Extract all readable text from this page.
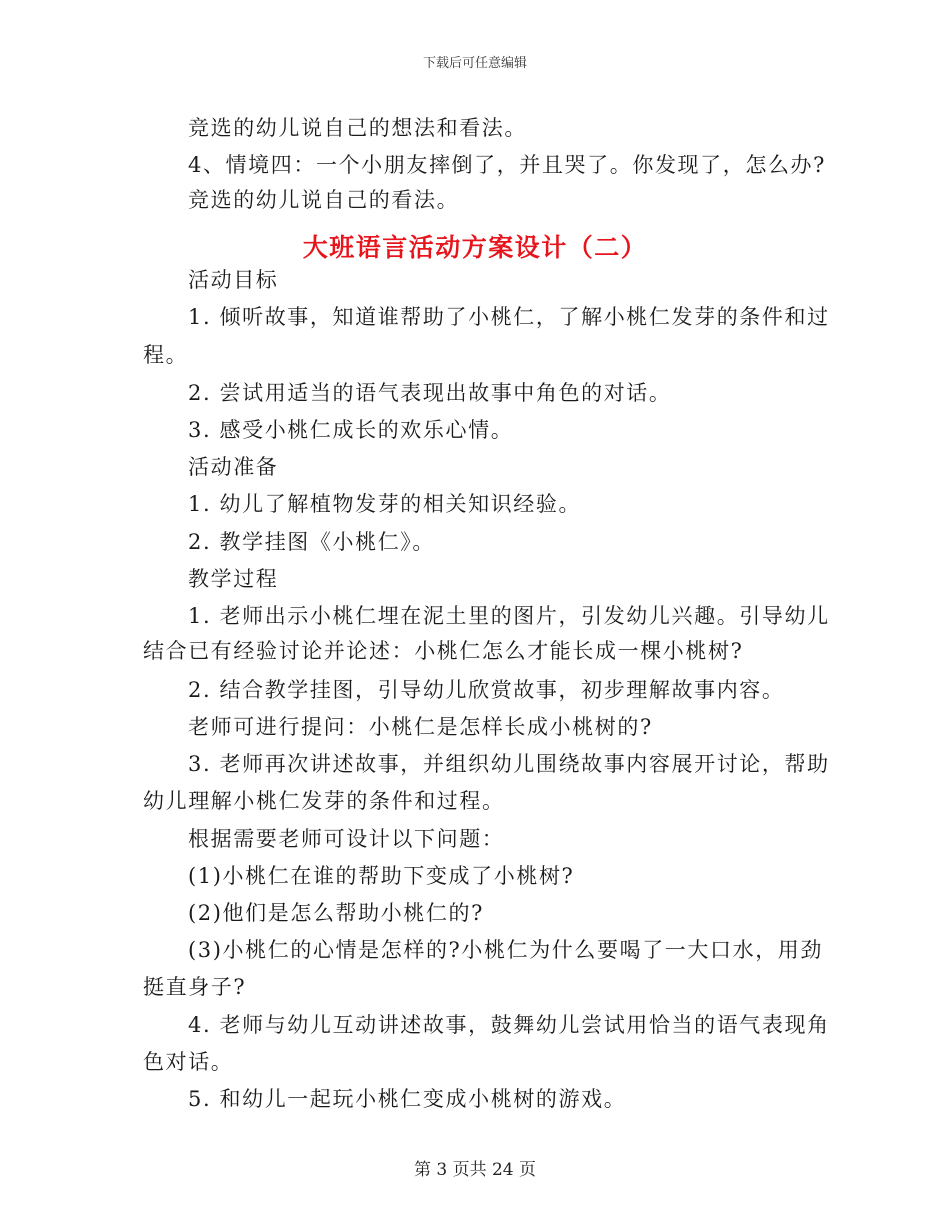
下载后可任意编辑
竞选的幼儿说自己的想法和看法。
4、情境四：一个小朋友摔倒了，并且哭了。你发现了，怎么办?
竞选的幼儿说自己的看法。
大班语言活动方案设计（二）
活动目标
1. 倾听故事，知道谁帮助了小桃仁，了解小桃仁发芽的条件和过
程。
2. 尝试用适当的语气表现出故事中角色的对话。
3. 感受小桃仁成长的欢乐心情。
活动准备
1. 幼儿了解植物发芽的相关知识经验。
2. 教学挂图《小桃仁》。
教学过程
1. 老师出示小桃仁埋在泥土里的图片，引发幼儿兴趣。引导幼儿
结合已有经验讨论并论述：小桃仁怎么才能长成一棵小桃树?
2. 结合教学挂图，引导幼儿欣赏故事，初步理解故事内容。
老师可进行提问：小桃仁是怎样长成小桃树的?
3. 老师再次讲述故事，并组织幼儿围绕故事内容展开讨论，帮助
幼儿理解小桃仁发芽的条件和过程。
根据需要老师可设计以下问题：
(1)小桃仁在谁的帮助下变成了小桃树?
(2)他们是怎么帮助小桃仁的?
(3)小桃仁的心情是怎样的?小桃仁为什么要喝了一大口水，用劲
挺直身子?
4. 老师与幼儿互动讲述故事，鼓舞幼儿尝试用恰当的语气表现角
色对话。
5. 和幼儿一起玩小桃仁变成小桃树的游戏。
第 3 页共 24 页
